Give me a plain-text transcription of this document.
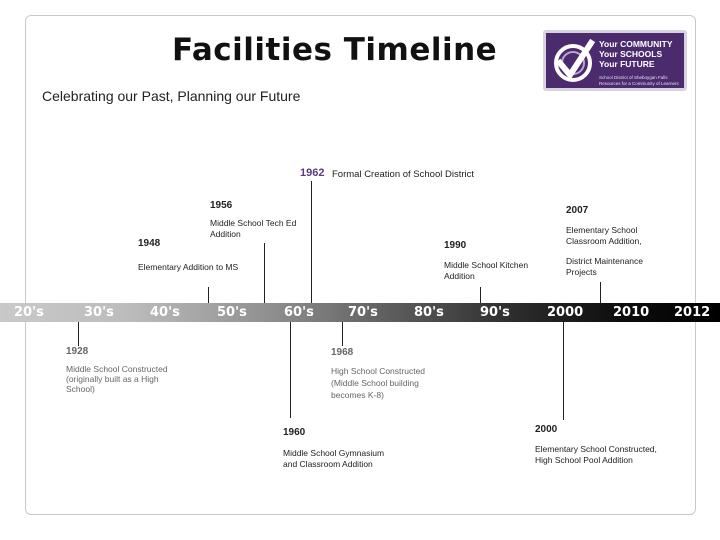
Facilities Timeline
Celebrating our Past, Planning our Future
Your COMMUNITY
Your SCHOOLS
Your FUTURE
School District of Sheboygan Falls Resources for a Community of Learners
20's	30's	40's	50's	60's	70's	80's	90's	2000 2010 2012
1948
Elementary Addition to MS
1956
Middle School Tech Ed
Addition
1962 Formal Creation of School District
1990
Middle School Kitchen
Addition
2007
Elementary School
Classroom Addition,
District Maintenance
Projects
1928
Middle School Constructed
(originally built as a High
School)
1960
Middle School Gymnasium
and Classroom Addition
1968
High School Constructed
(Middle School building
becomes K-8)
2000
Elementary School Constructed,
High School Pool Addition
